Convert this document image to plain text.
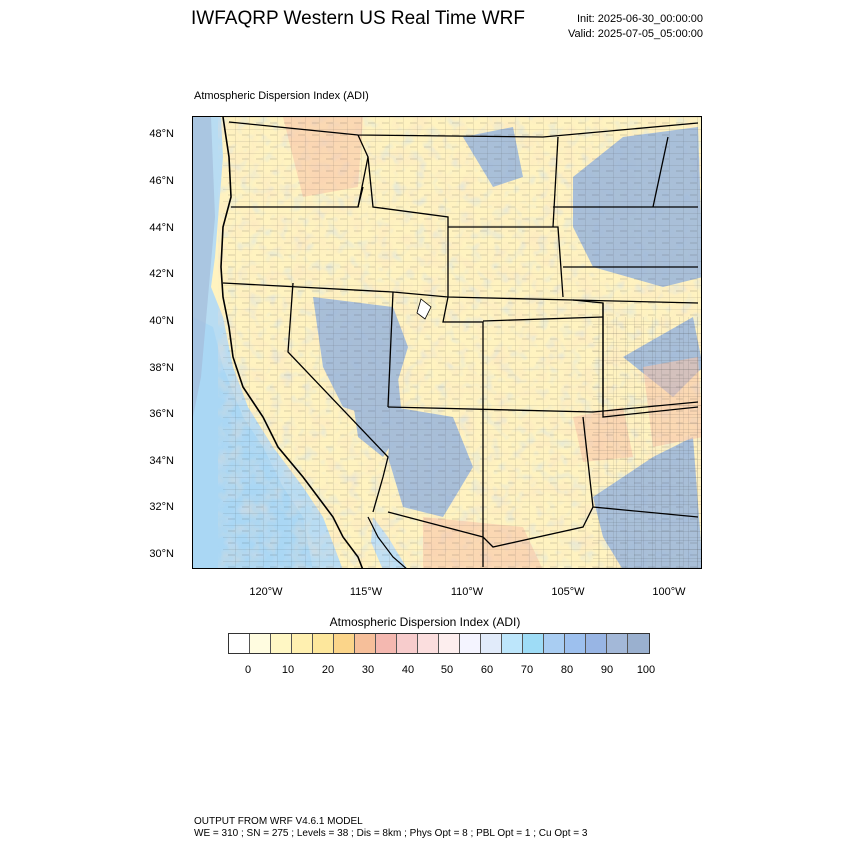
IWFAQRP Western US Real Time WRF	Init: 2025-06-30_00:00:00
Valid: 2025-07-05_05:00:00
Atmospheric Dispersion Index (ADI)
48°N
46°N
44°N
42°N
40°N
38°N
36°N
34°N
32°N
30°N
120°W	115°W	110°W	105°W	100°W
Atmospheric Dispersion Index (ADI)
0	10	20	30	40	50	60	70	80	90	100
OUTPUT FROM WRF V4.6.1 MODEL
WE = 310 ; SN = 275 ; Levels = 38 ; Dis = 8km ; Phys Opt = 8 ; PBL Opt = 1 ; Cu Opt = 3
